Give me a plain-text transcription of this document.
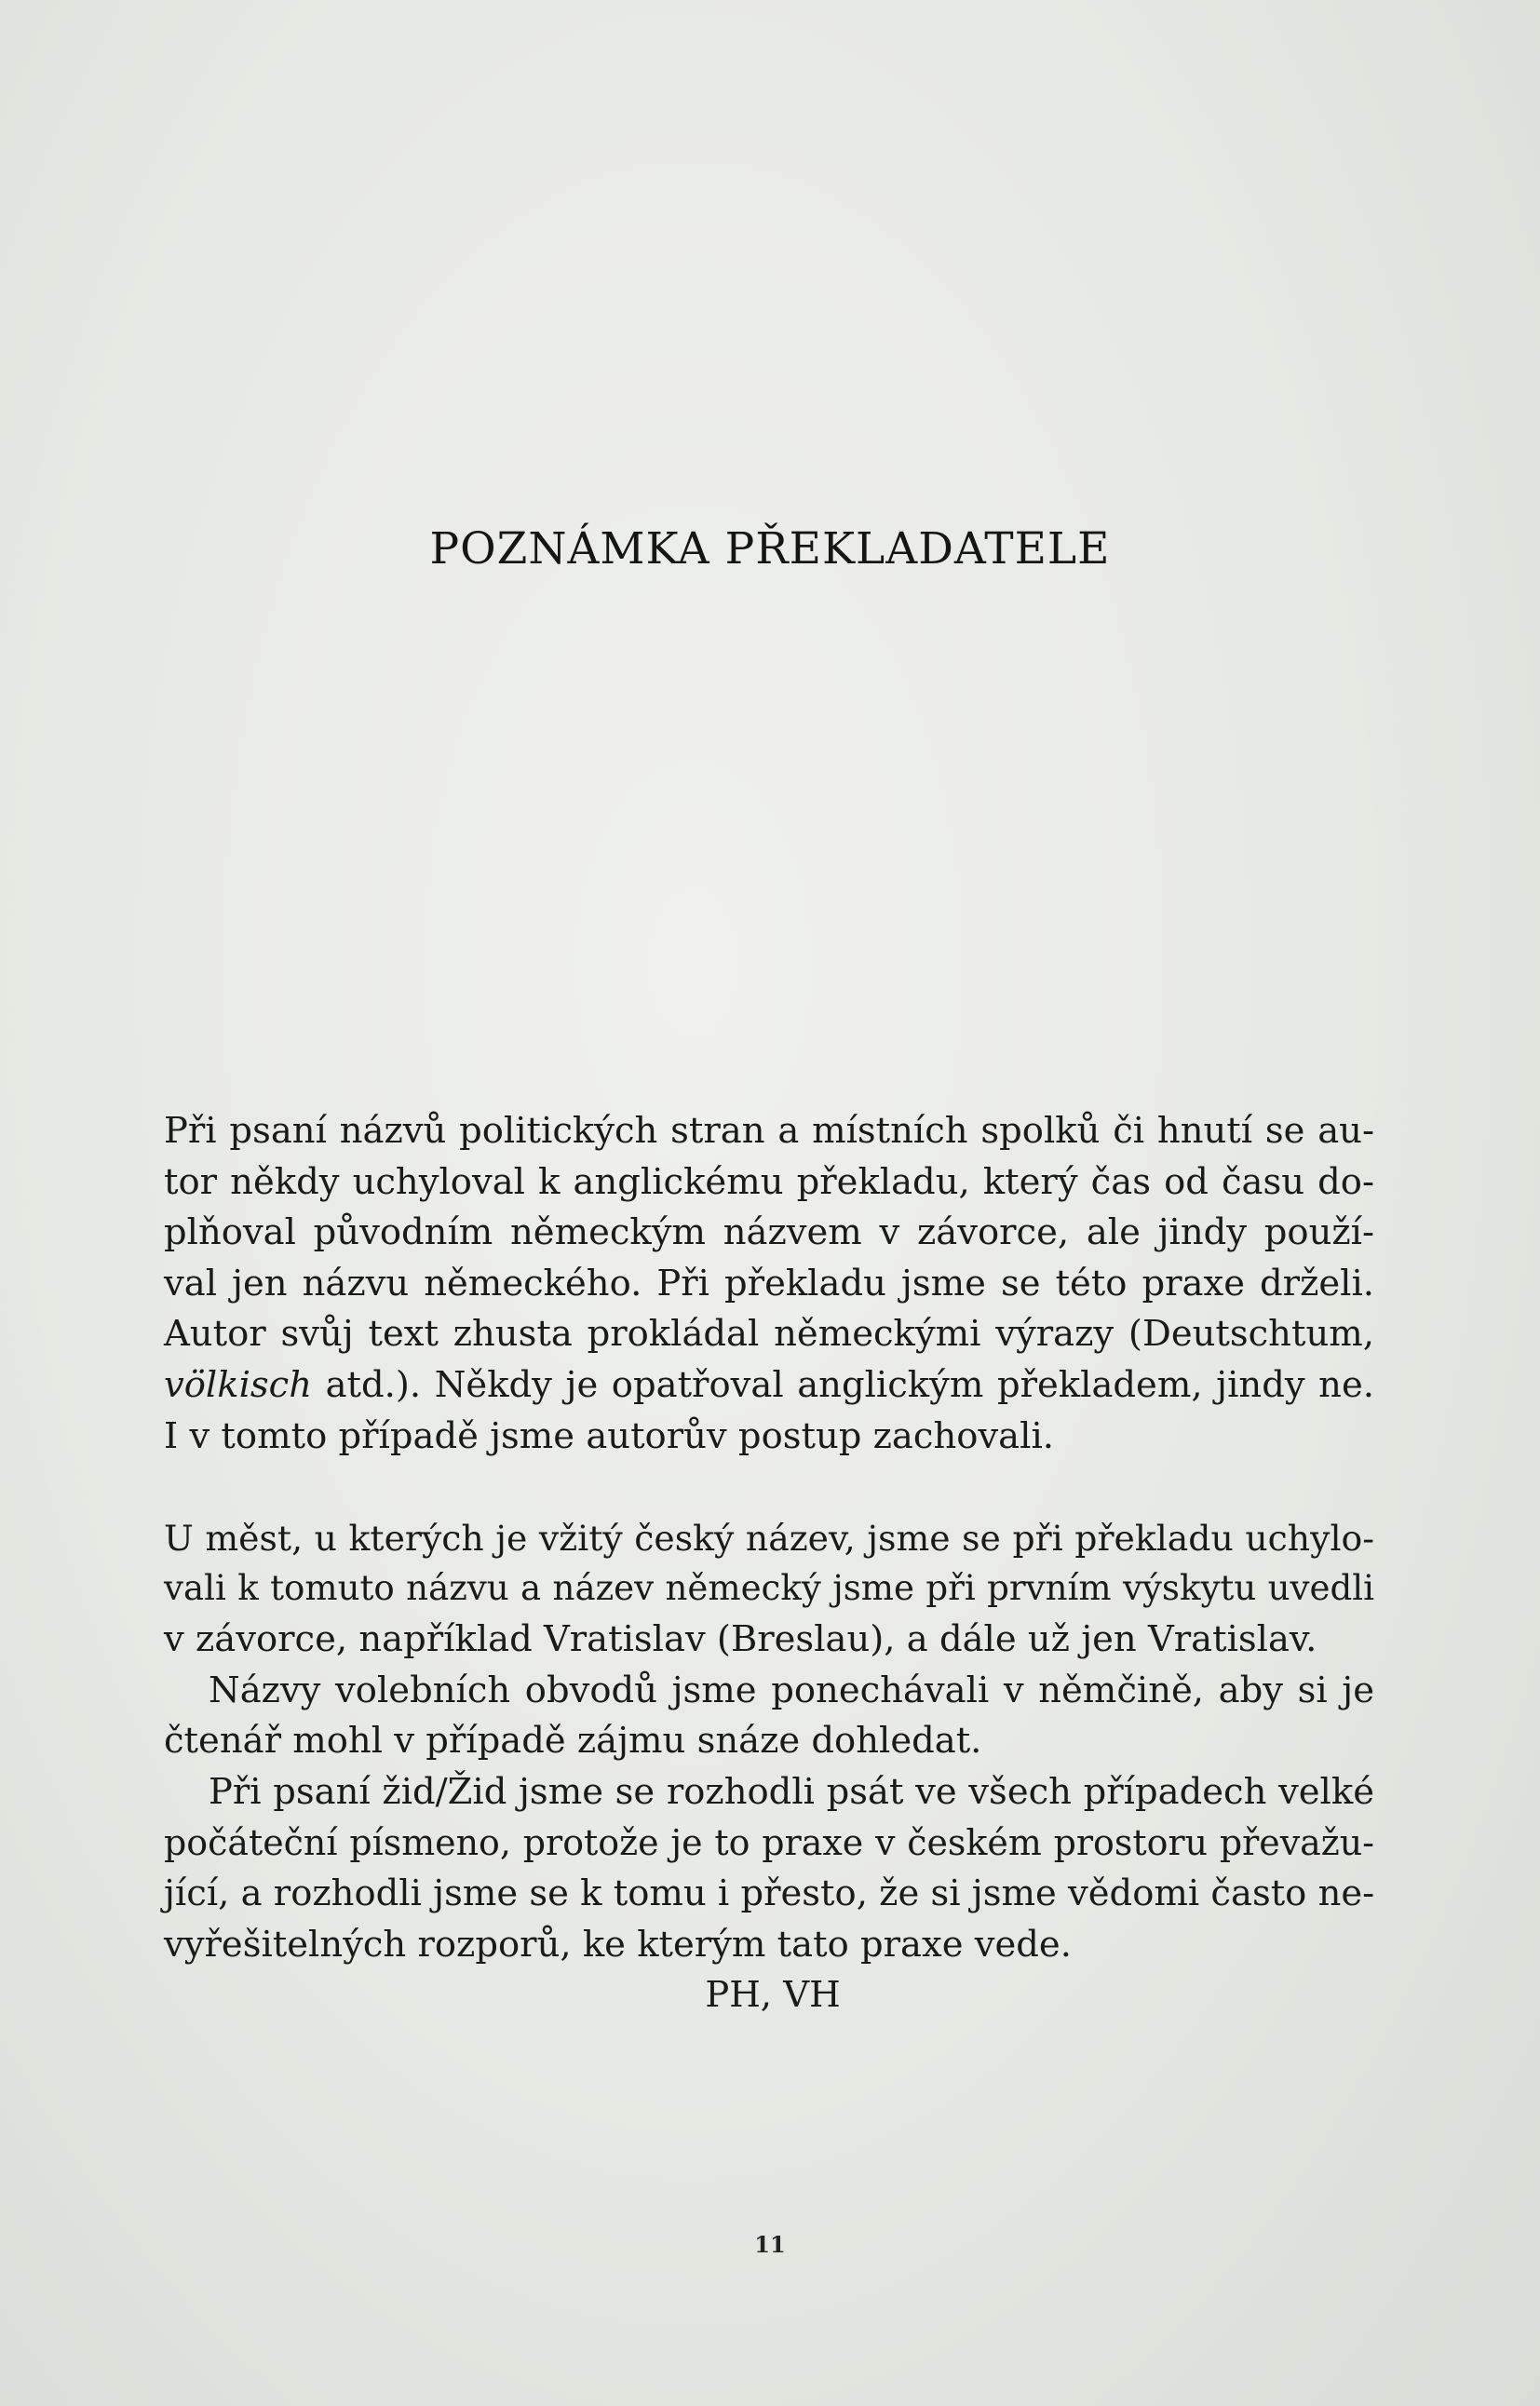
POZNÁMKA PŘEKLADATELE
Při psaní názvů politických stran a místních spolků či hnutí se au-
tor někdy uchyloval k anglickému překladu, který čas od času do-
plňoval původním německým názvem v závorce, ale jindy použí-
val jen názvu německého. Při překladu jsme se této praxe drželi.
Autor svůj text zhusta prokládal německými výrazy (Deutschtum,
völkisch atd.). Někdy je opatřoval anglickým překladem, jindy ne.
I v tomto případě jsme autorův postup zachovali.
U měst, u kterých je vžitý český název, jsme se při překladu uchylo-
vali k tomuto názvu a název německý jsme při prvním výskytu uvedli
v závorce, například Vratislav (Breslau), a dále už jen Vratislav.
Názvy volebních obvodů jsme ponechávali v němčině, aby si je
čtenář mohl v případě zájmu snáze dohledat.
Při psaní žid/Žid jsme se rozhodli psát ve všech případech velké
počáteční písmeno, protože je to praxe v českém prostoru převažu-
jící, a rozhodli jsme se k tomu i přesto, že si jsme vědomi často ne-
vyřešitelných rozporů, ke kterým tato praxe vede.
PH, VH
11
